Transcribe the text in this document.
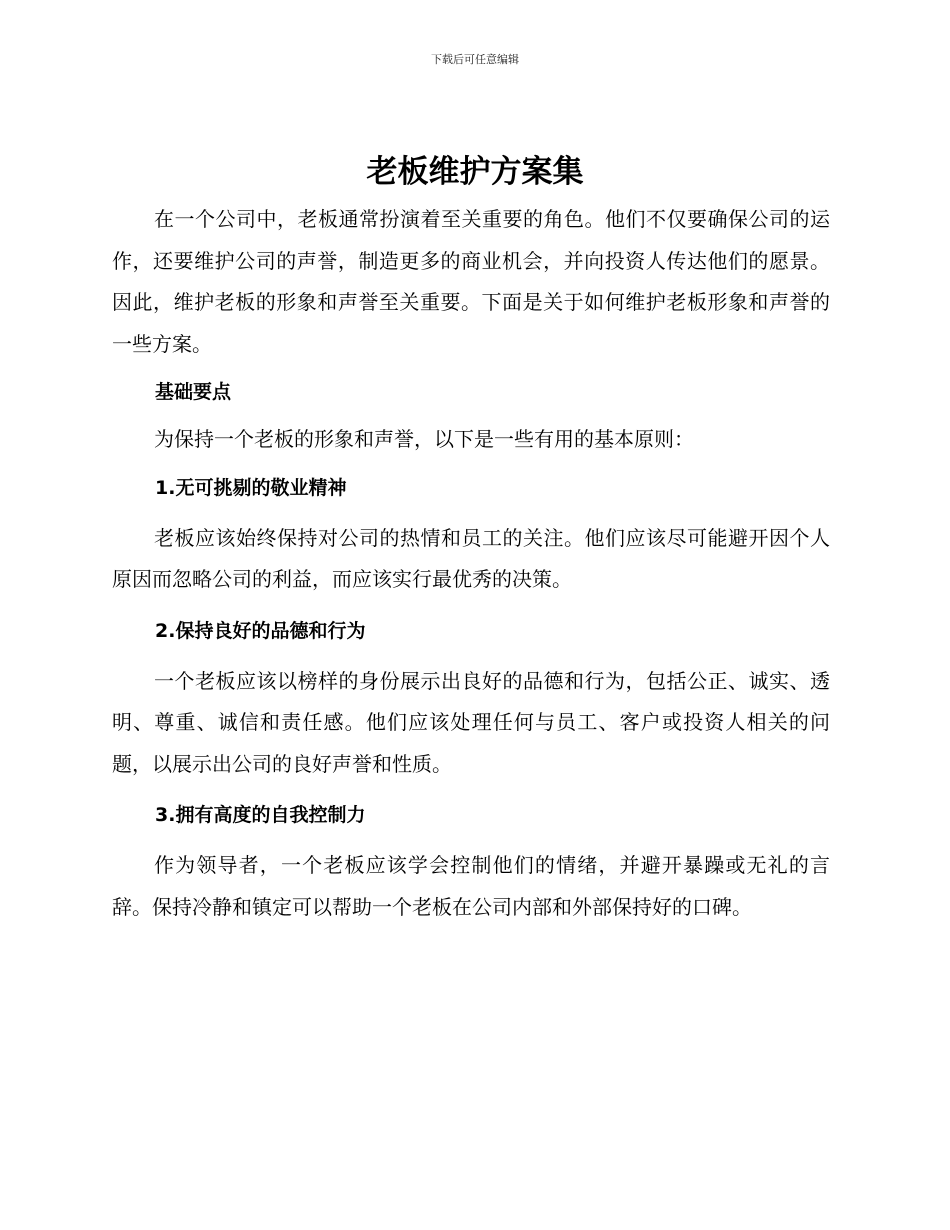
下载后可任意编辑
老板维护方案集

在一个公司中，老板通常扮演着至关重要的角色。他们不仅要确保公司的运作，还要维护公司的声誉，制造更多的商业机会，并向投资人传达他们的愿景。因此，维护老板的形象和声誉至关重要。下面是关于如何维护老板形象和声誉的一些方案。

基础要点

为保持一个老板的形象和声誉，以下是一些有用的基本原则：

1.无可挑剔的敬业精神

老板应该始终保持对公司的热情和员工的关注。他们应该尽可能避开因个人原因而忽略公司的利益，而应该实行最优秀的决策。

2.保持良好的品德和行为

一个老板应该以榜样的身份展示出良好的品德和行为，包括公正、诚实、透明、尊重、诚信和责任感。他们应该处理任何与员工、客户或投资人相关的问题，以展示出公司的良好声誉和性质。

3.拥有高度的自我控制力

作为领导者，一个老板应该学会控制他们的情绪，并避开暴躁或无礼的言辞。保持冷静和镇定可以帮助一个老板在公司内部和外部保持好的口碑。
